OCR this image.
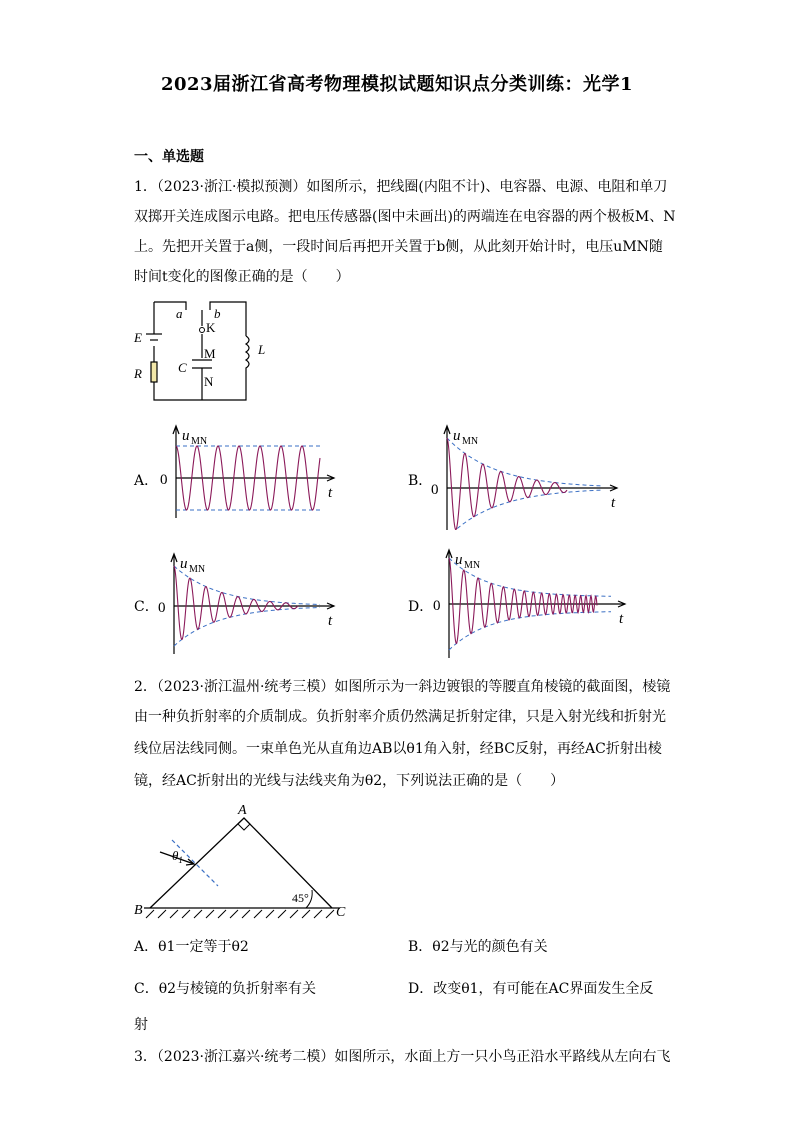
2023届浙江省高考物理模拟试题知识点分类训练：光学1
一、单选题
1．（2023·浙江·模拟预测）如图所示，把线圈(内阻不计)、电容器、电源、电阻和单刀
双掷开关连成图示电路。把电压传感器(图中未画出)的两端连在电容器的两个极板M、N
上。先把开关置于a侧，一段时间后再把开关置于b侧，从此刻开始计时，电压uMN随
时间t变化的图像正确的是（　　）
a b
K
E
R
M
C
N
L
A．	B．
C．	D．
u MN
t
0
u MN
t
0
u MN
t
0
u MN
t
0
2．（2023·浙江温州·统考三模）如图所示为一斜边镀银的等腰直角棱镜的截面图，棱镜
由一种负折射率的介质制成。负折射率介质仍然满足折射定律，只是入射光线和折射光
线位居法线同侧。一束单色光从直角边AB以θ1角入射，经BC反射，再经AC折射出棱
镜，经AC折射出的光线与法线夹角为θ2，下列说法正确的是（　　）
A
B	C
$\theta_1$
45°
A．θ1一定等于θ2	B．θ2与光的颜色有关
C．θ2与棱镜的负折射率有关	D．改变θ1，有可能在AC界面发生全反
射
3．（2023·浙江嘉兴·统考二模）如图所示，水面上方一只小鸟正沿水平路线从左向右飞
